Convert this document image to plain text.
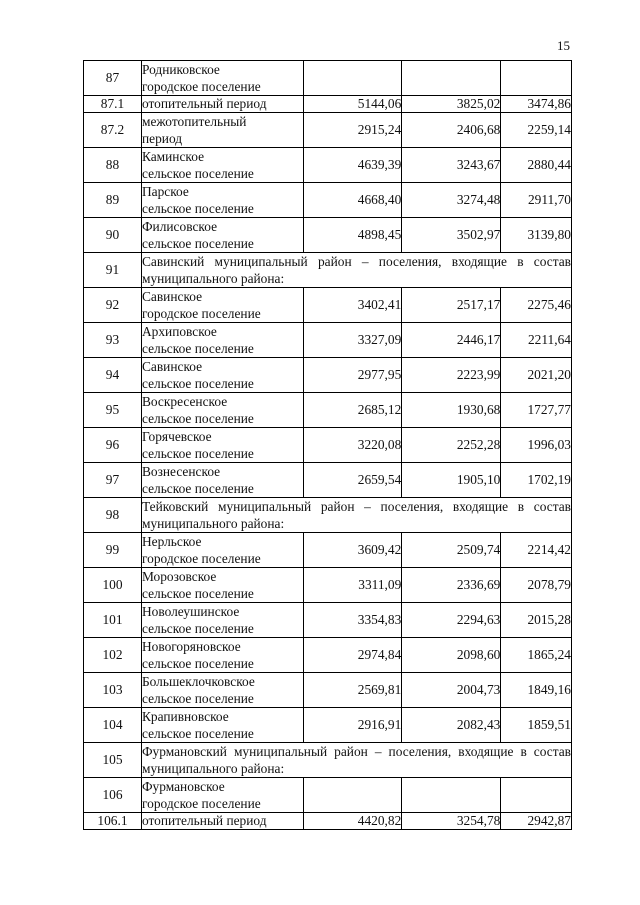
15
87	Родниковское
городское поселение			

87.1	отопительный период	5144,06	3825,02	3474,86
87.2	межотопительный
период	2915,24	2406,68	2259,14
88	Каминское
сельское поселение	4639,39	3243,67	2880,44
89	Парское
сельское поселение	4668,40	3274,48	2911,70
90	Филисовское
сельское поселение	4898,45	3502,97	3139,80
91	Савинский муниципальный район – поселения, входящие в состав муниципального района:			
92	Савинское
городское поселение	3402,41	2517,17	2275,46
93	Архиповское
сельское поселение	3327,09	2446,17	2211,64
94	Савинское
сельское поселение	2977,95	2223,99	2021,20
95	Воскресенское
сельское поселение	2685,12	1930,68	1727,77
96	Горячевское
сельское поселение	3220,08	2252,28	1996,03
97	Вознесенское
сельское поселение	2659,54	1905,10	1702,19
98	Тейковский муниципальный район – поселения, входящие в состав муниципального района:			
99	Нерльское
городское поселение	3609,42	2509,74	2214,42
100	Морозовское
сельское поселение	3311,09	2336,69	2078,79
101	Новолеушинское
сельское поселение	3354,83	2294,63	2015,28
102	Новогоряновское
сельское поселение	2974,84	2098,60	1865,24
103	Большеклочковское
сельское поселение	2569,81	2004,73	1849,16
104	Крапивновское
сельское поселение	2916,91	2082,43	1859,51
105	Фурмановский муниципальный район – поселения, входящие в состав муниципального района:			
106	Фурмановское
городское поселение			

106.1	отопительный период	4420,82	3254,78	2942,87
